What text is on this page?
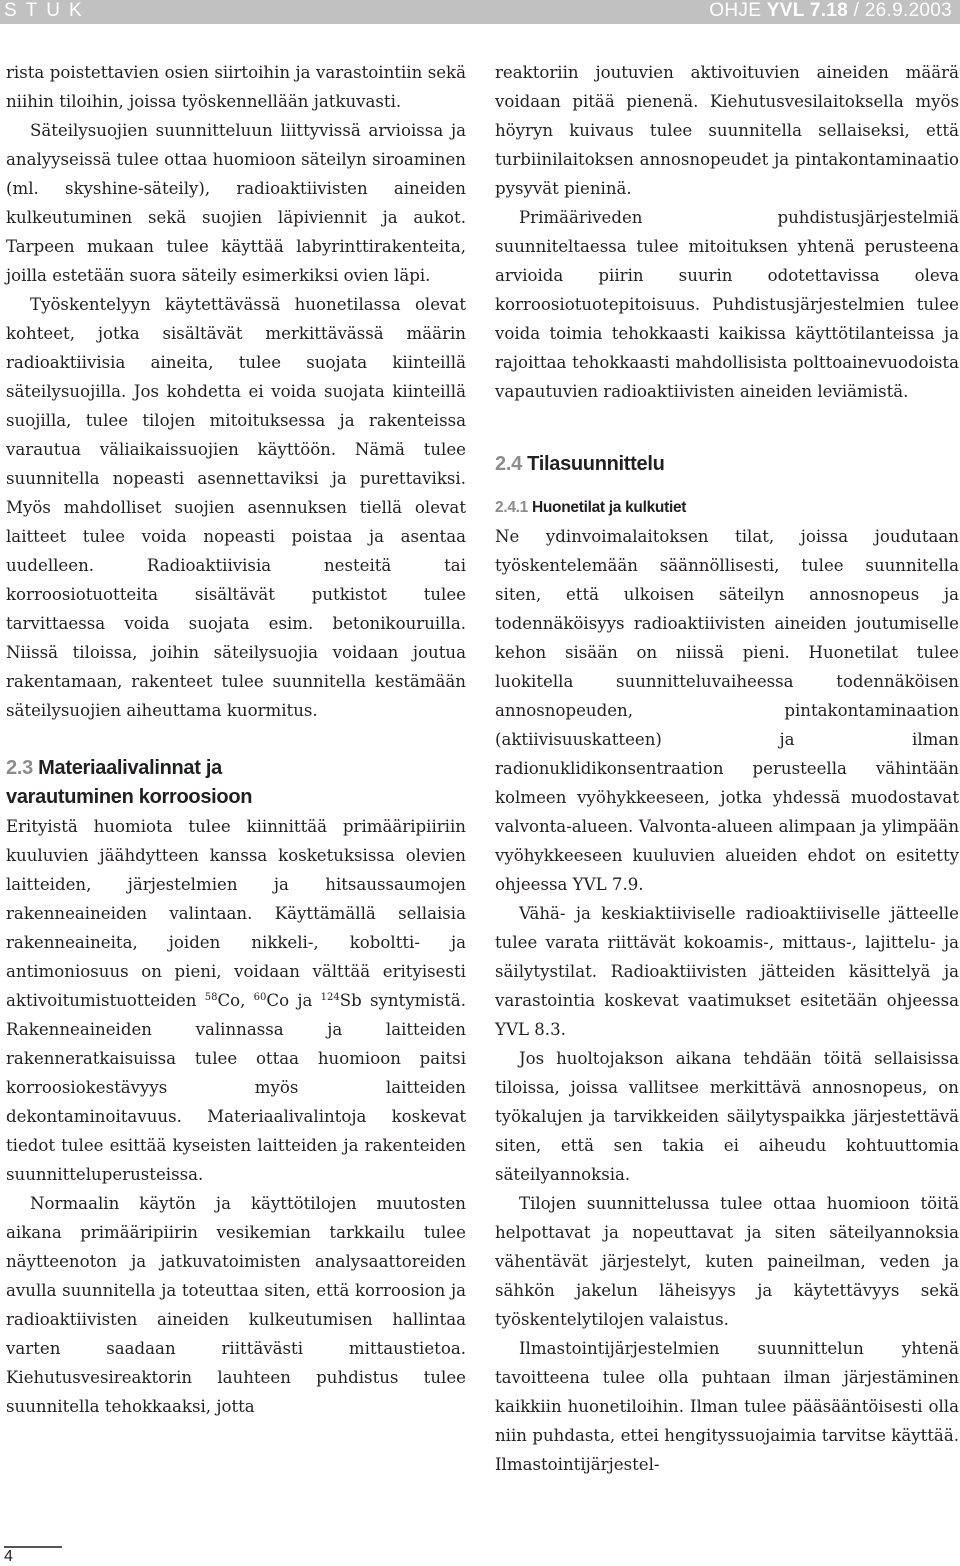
STUK	OHJE YVL 7.18 / 26.9.2003

rista poistettavien osien siirtoihin ja varastointiin sekä niihin tiloihin, joissa työskennellään jatkuvasti.

Säteilysuojien suunnitteluun liittyvissä arvioissa ja analyyseissä tulee ottaa huomioon säteilyn siroaminen (ml. skyshine-säteily), radioaktiivisten aineiden kulkeutuminen sekä suojien läpiviennit ja aukot. Tarpeen mukaan tulee käyttää labyrinttirakenteita, joilla estetään suora säteily esimerkiksi ovien läpi.

Työskentelyyn käytettävässä huonetilassa olevat kohteet, jotka sisältävät merkittävässä määrin radioaktiivisia aineita, tulee suojata kiinteillä säteilysuojilla. Jos kohdetta ei voida suojata kiinteillä suojilla, tulee tilojen mitoituksessa ja rakenteissa varautua väliaikaissuojien käyttöön. Nämä tulee suunnitella nopeasti asennettaviksi ja purettaviksi. Myös mahdolliset suojien asennuksen tiellä olevat laitteet tulee voida nopeasti poistaa ja asentaa uudelleen. Radioaktiivisia nesteitä tai korroosiotuotteita sisältävät putkistot tulee tarvittaessa voida suojata esim. betonikouruilla. Niissä tiloissa, joihin säteilysuojia voidaan joutua rakentamaan, rakenteet tulee suunnitella kestämään säteilysuojien aiheuttama kuormitus.

2.3 Materiaalivalinnat ja
varautuminen korroosioon

Erityistä huomiota tulee kiinnittää primääripiiriin kuuluvien jäähdytteen kanssa kosketuksissa olevien laitteiden, järjestelmien ja hitsaussaumojen rakenneaineiden valintaan. Käyttämällä sellaisia rakenneaineita, joiden nikkeli-, koboltti- ja antimoniosuus on pieni, voidaan välttää erityisesti aktivoitumistuotteiden $^{58}$Co, $^{60}$Co ja $^{124}$Sb syntymistä. Rakenneaineiden valinnassa ja laitteiden rakenneratkaisuissa tulee ottaa huomioon paitsi korroosiokestävyys myös laitteiden dekontaminoitavuus. Materiaalivalintoja koskevat tiedot tulee esittää kyseisten laitteiden ja rakenteiden suunnitteluperusteissa.

Normaalin käytön ja käyttötilojen muutosten aikana primääripiirin vesikemian tarkkailu tulee näytteenoton ja jatkuvatoimisten analysaattoreiden avulla suunnitella ja toteuttaa siten, että korroosion ja radioaktiivisten aineiden kulkeutumisen hallintaa varten saadaan riittävästi mittaustietoa. Kiehutusvesireaktorin lauhteen puhdistus tulee suunnitella tehokkaaksi, jotta

reaktoriin joutuvien aktivoituvien aineiden määrä voidaan pitää pienenä. Kiehutusvesilaitoksella myös höyryn kuivaus tulee suunnitella sellaiseksi, että turbiinilaitoksen annosnopeudet ja pintakontaminaatio pysyvät pieninä.

Primääriveden puhdistusjärjestelmiä suunniteltaessa tulee mitoituksen yhtenä perusteena arvioida piirin suurin odotettavissa oleva korroosiotuotepitoisuus. Puhdistusjärjestelmien tulee voida toimia tehokkaasti kaikissa käyttötilanteissa ja rajoittaa tehokkaasti mahdollisista polttoainevuodoista vapautuvien radioaktiivisten aineiden leviämistä.

2.4 Tilasuunnittelu
2.4.1 Huonetilat ja kulkutiet

Ne ydinvoimalaitoksen tilat, joissa joudutaan työskentelemään säännöllisesti, tulee suunnitella siten, että ulkoisen säteilyn annosnopeus ja todennäköisyys radioaktiivisten aineiden joutumiselle kehon sisään on niissä pieni. Huonetilat tulee luokitella suunnitteluvaiheessa todennäköisen annosnopeuden, pintakontaminaation (aktiivisuuskatteen) ja ilman radionuklidikonsentraation perusteella vähintään kolmeen vyöhykkeeseen, jotka yhdessä muodostavat valvonta-alueen. Valvonta-alueen alimpaan ja ylimpään vyöhykkeeseen kuuluvien alueiden ehdot on esitetty ohjeessa YVL 7.9.

Vähä- ja keskiaktiiviselle radioaktiiviselle jätteelle tulee varata riittävät kokoamis-, mittaus-, lajittelu- ja säilytystilat. Radioaktiivisten jätteiden käsittelyä ja varastointia koskevat vaatimukset esitetään ohjeessa YVL 8.3.

Jos huoltojakson aikana tehdään töitä sellaisissa tiloissa, joissa vallitsee merkittävä annosnopeus, on työkalujen ja tarvikkeiden säilytyspaikka järjestettävä siten, että sen takia ei aiheudu kohtuuttomia säteilyannoksia.

Tilojen suunnittelussa tulee ottaa huomioon töitä helpottavat ja nopeuttavat ja siten säteilyannoksia vähentävät järjestelyt, kuten paineilman, veden ja sähkön jakelun läheisyys ja käytettävyys sekä työskentelytilojen valaistus.

Ilmastointijärjestelmien suunnittelun yhtenä tavoitteena tulee olla puhtaan ilman järjestäminen kaikkiin huonetiloihin. Ilman tulee pääsääntöisesti olla niin puhdasta, ettei hengityssuojaimia tarvitse käyttää. Ilmastointijärjestel-

4
